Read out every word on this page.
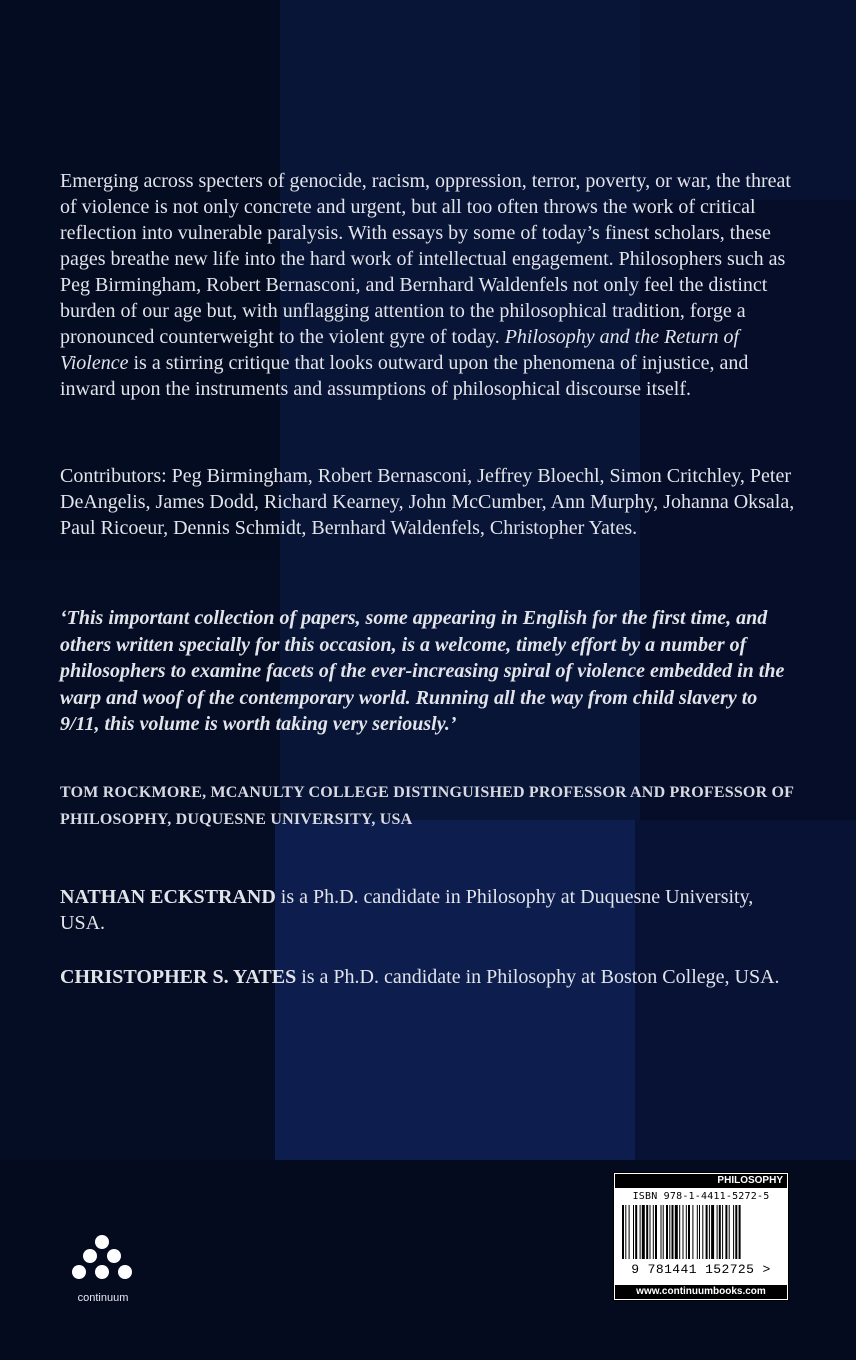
Emerging across specters of genocide, racism, oppression, terror, poverty, or war, the threat of violence is not only concrete and urgent, but all too often throws the work of critical reflection into vulnerable paralysis. With essays by some of today’s finest scholars, these pages breathe new life into the hard work of intellectual engagement. Philosophers such as Peg Birmingham, Robert Bernasconi, and Bernhard Waldenfels not only feel the distinct burden of our age but, with unflagging attention to the philosophical tradition, forge a pronounced counterweight to the violent gyre of today. Philosophy and the Return of Violence is a stirring critique that looks outward upon the phenomena of injustice, and inward upon the instruments and assumptions of philosophical discourse itself.
Contributors: Peg Birmingham, Robert Bernasconi, Jeffrey Bloechl, Simon Critchley, Peter DeAngelis, James Dodd, Richard Kearney, John McCumber, Ann Murphy, Johanna Oksala, Paul Ricoeur, Dennis Schmidt, Bernhard Waldenfels, Christopher Yates.
‘This important collection of papers, some appearing in English for the first time, and others written specially for this occasion, is a welcome, timely effort by a number of philosophers to examine facets of the ever-increasing spiral of violence embedded in the warp and woof of the contemporary world. Running all the way from child slavery to 9/11, this volume is worth taking very seriously.’
TOM ROCKMORE, MCANULTY COLLEGE DISTINGUISHED PROFESSOR AND PROFESSOR OF PHILOSOPHY, DUQUESNE UNIVERSITY, USA
NATHAN ECKSTRAND is a Ph.D. candidate in Philosophy at Duquesne University, USA.
CHRISTOPHER S. YATES is a Ph.D. candidate in Philosophy at Boston College, USA.
continuum
PHILOSOPHY
ISBN 978-1-4411-5272-5
9 781441 152725 >
www.continuumbooks.com
